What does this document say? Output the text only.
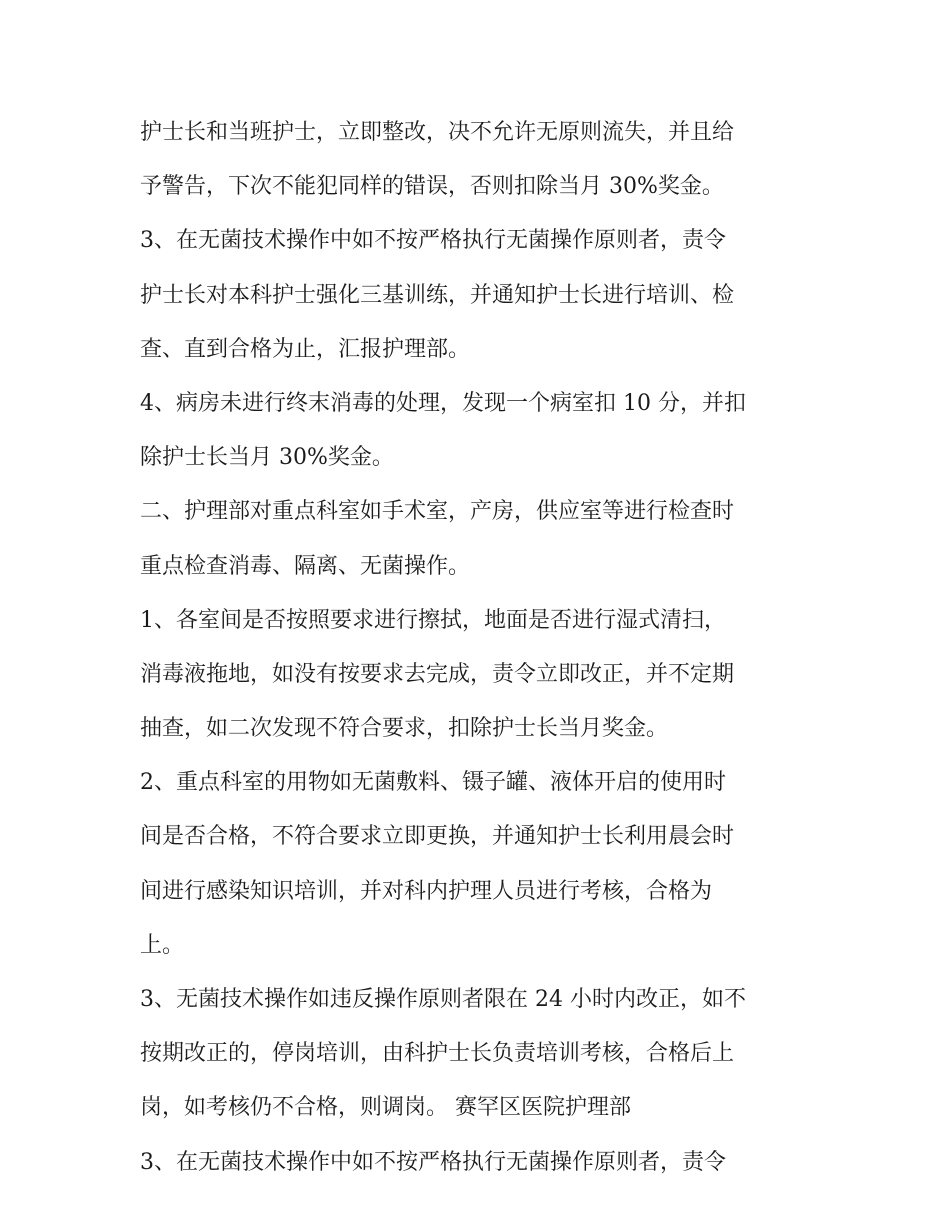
护士长和当班护士，立即整改，决不允许无原则流失，并且给
予警告，下次不能犯同样的错误，否则扣除当月 30%奖金。
3、在无菌技术操作中如不按严格执行无菌操作原则者，责令
护士长对本科护士强化三基训练，并通知护士长进行培训、检
查、直到合格为止，汇报护理部。
4、病房未进行终末消毒的处理，发现一个病室扣 10 分，并扣
除护士长当月 30%奖金。
二、护理部对重点科室如手术室，产房，供应室等进行检查时
重点检查消毒、隔离、无菌操作。
1、各室间是否按照要求进行擦拭，地面是否进行湿式清扫，
消毒液拖地，如没有按要求去完成，责令立即改正，并不定期
抽查，如二次发现不符合要求，扣除护士长当月奖金。
2、重点科室的用物如无菌敷料、镊子罐、液体开启的使用时
间是否合格，不符合要求立即更换，并通知护士长利用晨会时
间进行感染知识培训，并对科内护理人员进行考核，合格为
上。
3、无菌技术操作如违反操作原则者限在 24 小时内改正，如不
按期改正的，停岗培训，由科护士长负责培训考核，合格后上
岗，如考核仍不合格，则调岗。 赛罕区医院护理部
3、在无菌技术操作中如不按严格执行无菌操作原则者，责令
